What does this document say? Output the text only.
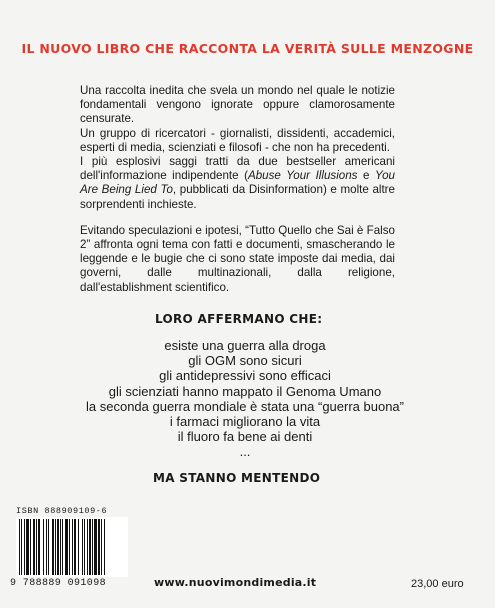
IL NUOVO LIBRO CHE RACCONTA LA VERITÀ SULLE MENZOGNE

Una raccolta inedita che svela un mondo nel quale le notizie fondamentali vengono ignorate oppure clamorosamente censurate.

Un gruppo di ricercatori - giornalisti, dissidenti, accademici, esperti di media, scienziati e filosofi - che non ha precedenti.

I più esplosivi saggi tratti da due bestseller americani dell'informazione indipendente (Abuse Your Illusions e You Are Being Lied To, pubblicati da Disinformation) e molte altre sorprendenti inchieste.

Evitando speculazioni e ipotesi, “Tutto Quello che Sai è Falso 2” affronta ogni tema con fatti e documenti, smascherando le leggende e le bugie che ci sono state imposte dai media, dai governi, dalle multinazionali, dalla religione, dall'establishment scientifico.

LORO AFFERMANO CHE:
esiste una guerra alla droga
gli OGM sono sicuri
gli antidepressivi sono efficaci
gli scienziati hanno mappato il Genoma Umano
la seconda guerra mondiale è stata una “guerra buona”
i farmaci migliorano la vita
il fluoro fa bene ai denti
...
MA STANNO MENTENDO
ISBN 888909109-6
9 788889 091098	www.nuovimondimedia.it	23,00 euro
